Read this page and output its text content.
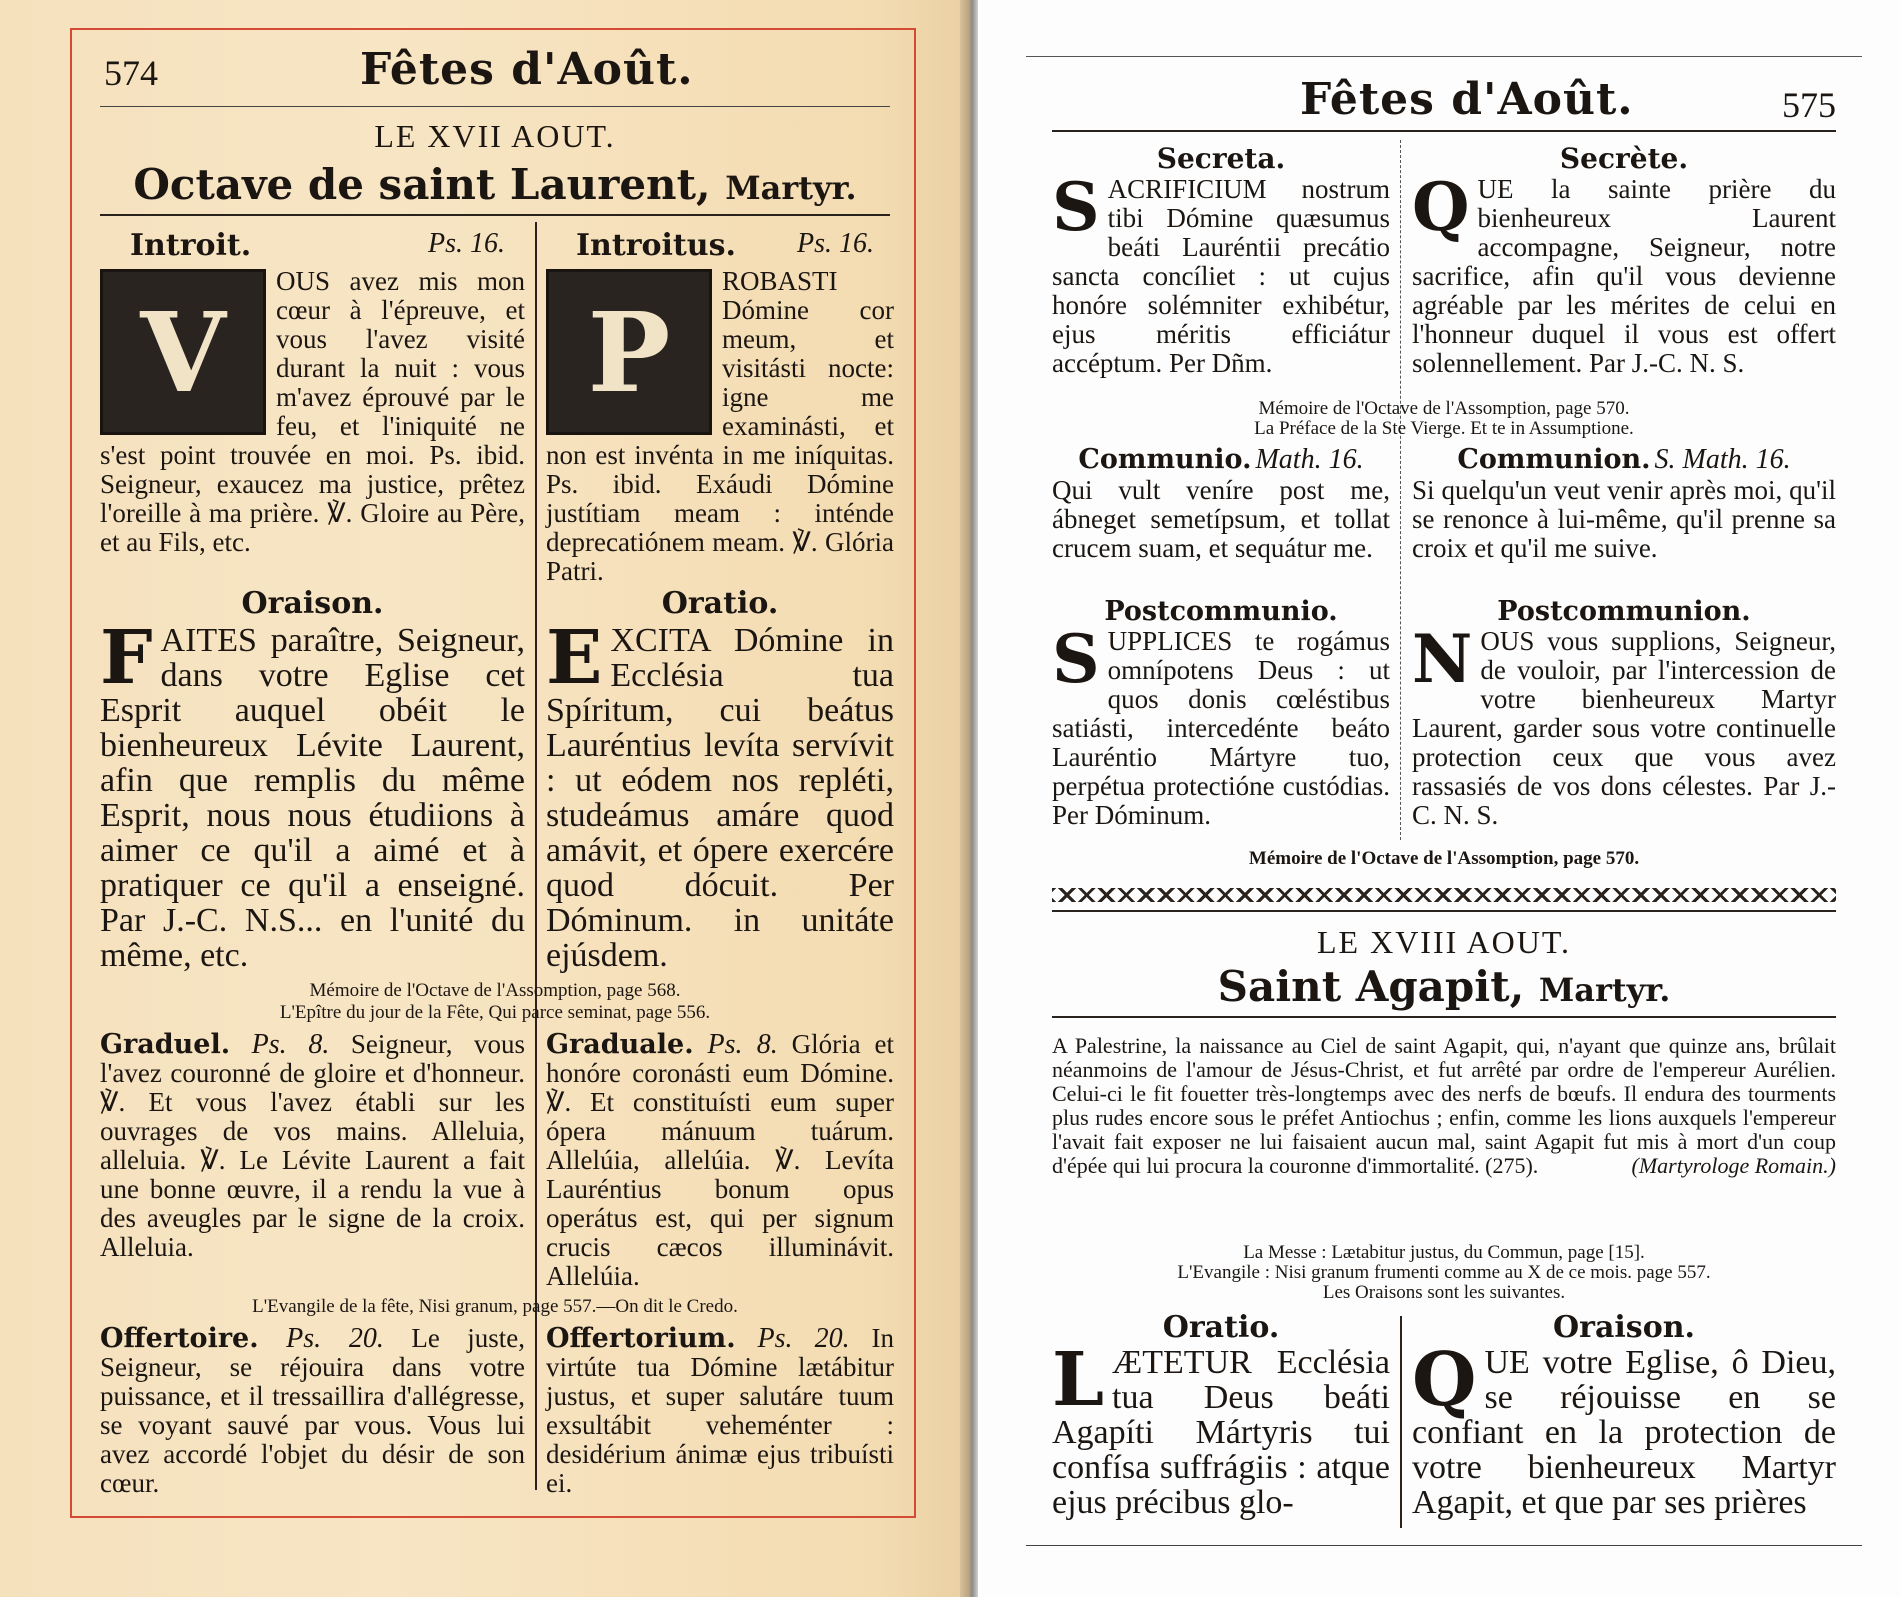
574	Fêtes d'Août.
LE XVII AOUT.
Octave de saint Laurent, Martyr.
Introit.	Ps. 16.
V
OUS avez mis mon cœur à l'épreuve, et vous l'avez visité durant la nuit : vous m'avez éprouvé par le feu, et l'iniquité ne s'est point trouvée en moi. Ps. ibid. Seigneur, exaucez ma justice, prêtez l'oreille à ma prière. ℣. Gloire au Père, et au Fils, etc.
Introitus. Ps. 16.
P
ROBASTI Dómine cor meum, et visitásti nocte: igne me examinásti, et non est invénta in me iníquitas. Ps. ibid. Exáudi Dómine justítiam meam : inténde deprecatiónem meam. ℣. Glória Patri.
Oraison.
F AITES paraître, Seigneur, dans votre Eglise cet Esprit auquel obéit le bienheureux Lévite Laurent, afin que remplis du même Esprit, nous nous étudiions à aimer ce qu'il a aimé et à pratiquer ce qu'il a enseigné. Par J.-C. N.S... en l'unité du même, etc.
Oratio.
E XCITA Dómine in Ecclésia tua Spíritum, cui beátus Lauréntius levíta servívit : ut eódem nos repléti, studeámus amáre quod amávit, et ópere exercére quod dócuit. Per Dóminum. in unitáte ejúsdem.
Mémoire de l'Octave de l'Assomption, page 568.
L'Epître du jour de la Fête, Qui parce seminat, page 556.
Graduel. Ps. 8. Seigneur, vous l'avez couronné de gloire et d'honneur. ℣. Et vous l'avez établi sur les ouvrages de vos mains. Alleluia, alleluia. ℣. Le Lévite Laurent a fait une bonne œuvre, il a rendu la vue à des aveugles par le signe de la croix. Alleluia.
Graduale. Ps. 8. Glória et honóre coronásti eum Dómine. ℣. Et constituísti eum super ópera mánuum tuárum. Allelúia, allelúia. ℣. Levíta Lauréntius bonum opus operátus est, qui per signum crucis cæcos illuminávit. Allelúia.
L'Evangile de la fête, Nisi granum, page 557.—On dit le Credo.
Offertoire. Ps. 20. Le juste, Seigneur, se réjouira dans votre puissance, et il tressaillira d'allégresse, se voyant sauvé par vous. Vous lui avez accordé l'objet du désir de son cœur.
Offertorium. Ps. 20. In virtúte tua Dómine lætábitur justus, et super salutáre tuum exsultábit veheménter : desidérium ánimæ ejus tribuísti ei.
Fêtes d'Août.	575
Secreta.
S ACRIFICIUM nostrum tibi Dómine quæsumus beáti Lauréntii precátio sancta concíliet : ut cujus honóre solémniter exhibétur, ejus méritis efficiátur accéptum. Per Dñm.
Secrète.
Q UE la sainte prière du bienheureux Laurent accompagne, Seigneur, notre sacrifice, afin qu'il vous devienne agréable par les mérites de celui en l'honneur duquel il vous est offert solennellement. Par J.-C. N. S.
Mémoire de l'Octave de l'Assomption, page 570.
La Préface de la Ste Vierge. Et te in Assumptione.
Communio. Math. 16.
Qui vult veníre post me, ábneget semetípsum, et tollat crucem suam, et sequátur me.
Communion. S. Math. 16.
Si quelqu'un veut venir après moi, qu'il se renonce à lui-même, qu'il prenne sa croix et qu'il me suive.
Postcommunio.
S UPPLICES te rogámus omnípotens Deus : ut quos donis cœléstibus satiásti, intercedénte beáto Lauréntio Mártyre tuo, perpétua protectióne custódias. Per Dóminum.
Postcommunion.
N OUS vous supplions, Seigneur, de vouloir, par l'intercession de votre bienheureux Martyr Laurent, garder sous votre continuelle protection ceux que vous avez rassasiés de vos dons célestes. Par J.-C. N. S.
Mémoire de l'Octave de l'Assomption, page 570.
LE XVIII AOUT.
Saint Agapit, Martyr.
A Palestrine, la naissance au Ciel de saint Agapit, qui, n'ayant que quinze ans, brûlait néanmoins de l'amour de Jésus-Christ, et fut arrêté par ordre de l'empereur Aurélien. Celui-ci le fit fouetter très-longtemps avec des nerfs de bœufs. Il endura des tourments plus rudes encore sous le préfet Antiochus ; enfin, comme les lions auxquels l'empereur l'avait fait exposer ne lui faisaient aucun mal, saint Agapit fut mis à mort d'un coup d'épée qui lui procura la couronne d'immortalité. (275).	(Martyrologe Romain.)
La Messe : Lætabitur justus, du Commun, page [15].
L'Evangile : Nisi granum frumenti comme au X de ce mois. page 557.
Les Oraisons sont les suivantes.
Oratio.
L ÆTETUR Ecclésia tua Deus beáti Agapíti Mártyris tui confísa suffrágiis : atque ejus précibus glo-
Oraison.
Q UE votre Eglise, ô Dieu, se réjouisse en se confiant en la protection de votre bienheureux Martyr Agapit, et que par ses prières
